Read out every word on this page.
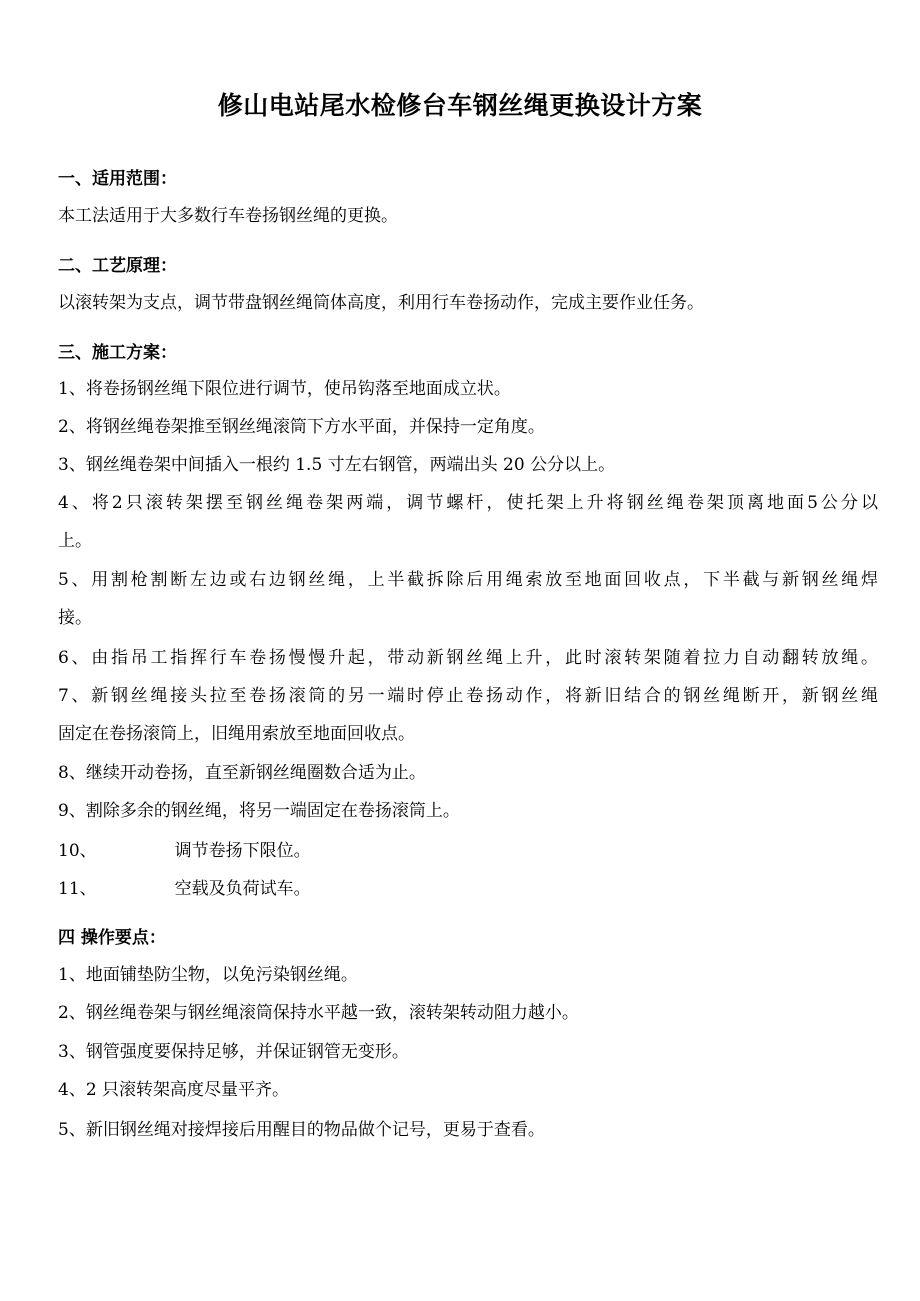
修山电站尾水检修台车钢丝绳更换设计方案
一、适用范围：
本工法适用于大多数行车卷扬钢丝绳的更换。
二、工艺原理：
以滚转架为支点，调节带盘钢丝绳筒体高度，利用行车卷扬动作，完成主要作业任务。
三、施工方案：
1、将卷扬钢丝绳下限位进行调节，使吊钩落至地面成立状。
2、将钢丝绳卷架推至钢丝绳滚筒下方水平面，并保持一定角度。
3、钢丝绳卷架中间插入一根约 1.5 寸左右钢管，两端出头 20 公分以上。
4、将2只滚转架摆至钢丝绳卷架两端，调节螺杆，使托架上升将钢丝绳卷架顶离地面5公分以
上。
5、用割枪割断左边或右边钢丝绳，上半截拆除后用绳索放至地面回收点，下半截与新钢丝绳焊
接。
6、由指吊工指挥行车卷扬慢慢升起，带动新钢丝绳上升，此时滚转架随着拉力自动翻转放绳。
7、新钢丝绳接头拉至卷扬滚筒的另一端时停止卷扬动作，将新旧结合的钢丝绳断开，新钢丝绳
固定在卷扬滚筒上，旧绳用索放至地面回收点。
8、继续开动卷扬，直至新钢丝绳圈数合适为止。
9、割除多余的钢丝绳，将另一端固定在卷扬滚筒上。
10、	调节卷扬下限位。
11、	空载及负荷试车。
四 操作要点：
1、地面铺垫防尘物，以免污染钢丝绳。
2、钢丝绳卷架与钢丝绳滚筒保持水平越一致，滚转架转动阻力越小。
3、钢管强度要保持足够，并保证钢管无变形。
4、2 只滚转架高度尽量平齐。
5、新旧钢丝绳对接焊接后用醒目的物品做个记号，更易于查看。
